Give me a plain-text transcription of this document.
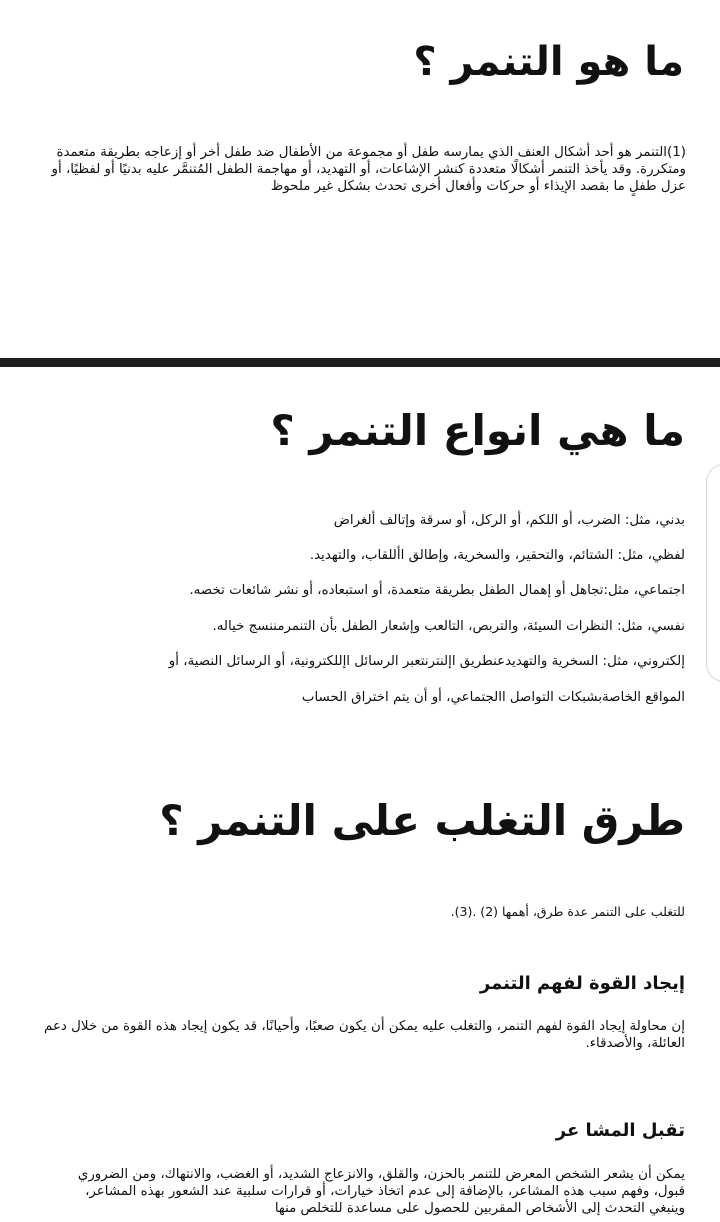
ما هو التنمر ؟

(1)التنمر هو أحد أشكال العنف الذي يمارسه طفل أو مجموعة من الأطفال ضد طفل أخر أو إزعاجه بطريقة متعمدة ومتكررة. وقد يأخذ التنمر أشكالًا متعددة كنشر الإشاعات، أو التهديد، أو مهاجمة الطفل المُتنمَّر عليه بدنيًا أو لفظيًا، أو عزل طفلٍ ما بقصد الإيذاء أو حركات وأفعال أخرى تحدث بشكل غير ملحوظ

ما هي انواع التنمر ؟

بدني، مثل: الضرب، أو اللكم، أو الركل، أو سرقة وإتالف ألغراض

لفظي، مثل: الشتائم، والتحقير، والسخرية، وإطالق األلقاب، والتهديد.

اجتماعي، مثل:تجاهل أو إهمال الطفل بطريقة متعمدة، أو استبعاده، أو نشر شائعات تخصه.

نفسي، مثل: النظرات السيئة، والتربص، التالعب وإشعار الطفل بأن التنمرمننسج خياله.

إلكتروني، مثل: السخرية والتهديدعنطريق اإلنترنتعبر الرسائل اإللكترونية، أو الرسائل النصية، أو

المواقع الخاصةبشبكات التواصل االجتماعي، أو أن يتم اختراق الحساب

طرق التغلب على التنمر ؟

للتغلب على التنمر عدة طرق، أهمها (2) .(3).

إيجاد القوة لفهم التنمر

إن محاولة إيجاد القوة لفهم التنمر، والتغلب عليه يمكن أن يكون صعبًا، وأحيانًا، قد يكون إيجاد هذه القوة من خلال دعم العائلة، والأصدقاء.

تقبل المشا عر

يمكن أن يشعر الشخص المعرض للتنمر بالحزن، والقلق، والانزعاج الشديد، أو الغضب، والانتهاك، ومن الضروري قبول، وفهم سبب هذه المشاعر، بالإضافة إلى عدم اتخاذ خيارات، أو قرارات سلبية عند الشعور بهذه المشاعر، وينبغي التحدث إلى الأشخاص المقربين للحصول على مساعدة للتخلص منها
